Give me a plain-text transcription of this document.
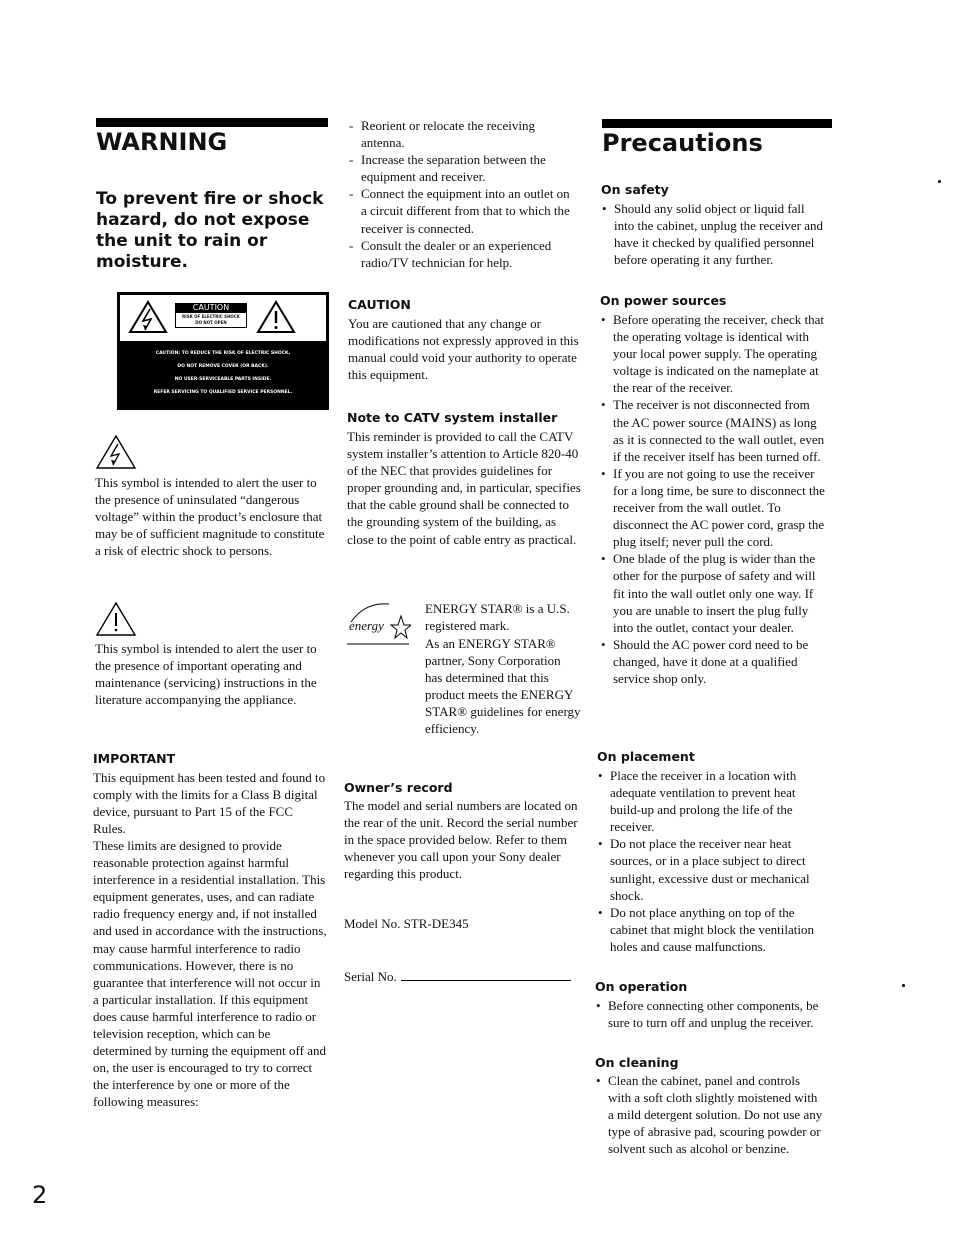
WARNING

To prevent fire or shock hazard, do not expose the unit to rain or moisture.

CAUTION
RISK OF ELECTRIC SHOCK
DO NOT OPEN
CAUTION: TO REDUCE THE RISK OF ELECTRIC SHOCK,
DO NOT REMOVE COVER (OR BACK).
NO USER-SERVICEABLE PARTS INSIDE.
REFER SERVICING TO QUALIFIED SERVICE PERSONNEL.

This symbol is intended to alert the user to the presence of uninsulated “dangerous voltage” within the product’s enclosure that may be of sufficient magnitude to constitute a risk of electric shock to persons.

This symbol is intended to alert the user to the presence of important operating and maintenance (servicing) instructions in the literature accompanying the appliance.

IMPORTANT

This equipment has been tested and found to comply with the limits for a Class B digital device, pursuant to Part 15 of the FCC Rules.

These limits are designed to provide reasonable protection against harmful interference in a residential installation. This equipment generates, uses, and can radiate radio frequency energy and, if not installed and used in accordance with the instructions, may cause harmful interference to radio communications. However, there is no guarantee that interference will not occur in a particular installation. If this equipment does cause harmful interference to radio or television reception, which can be determined by turning the equipment off and on, the user is encouraged to try to correct the interference by one or more of the following measures:

- Reorient or relocate the receiving antenna.
- Increase the separation between the equipment and receiver.
- Connect the equipment into an outlet on a circuit different from that to which the receiver is connected.
- Consult the dealer or an experienced radio/TV technician for help.
CAUTION

You are cautioned that any change or modifications not expressly approved in this manual could void your authority to operate this equipment.

Note to CATV system installer

This reminder is provided to call the CATV system installer’s attention to Article 820-40 of the NEC that provides guidelines for proper grounding and, in particular, specifies that the cable ground shall be connected to the grounding system of the building, as close to the point of cable entry as practical.

energy

ENERGY STAR® is a U.S. registered mark.

As an ENERGY STAR® partner, Sony Corporation has determined that this product meets the ENERGY STAR® guidelines for energy efficiency.

Owner’s record

The model and serial numbers are located on the rear of the unit. Record the serial number in the space provided below. Refer to them whenever you call upon your Sony dealer regarding this product.

Model No. STR-DE345

Serial No.

Precautions
On safety
• Should any solid object or liquid fall into the cabinet, unplug the receiver and have it checked by qualified personnel before operating it any further.
On power sources
• Before operating the receiver, check that the operating voltage is identical with your local power supply. The operating voltage is indicated on the nameplate at the rear of the receiver.
• The receiver is not disconnected from the AC power source (MAINS) as long as it is connected to the wall outlet, even if the receiver itself has been turned off.
• If you are not going to use the receiver for a long time, be sure to disconnect the receiver from the wall outlet. To disconnect the AC power cord, grasp the plug itself; never pull the cord.
• One blade of the plug is wider than the other for the purpose of safety and will fit into the wall outlet only one way. If you are unable to insert the plug fully into the outlet, contact your dealer.
• Should the AC power cord need to be changed, have it done at a qualified service shop only.
On placement
• Place the receiver in a location with adequate ventilation to prevent heat build-up and prolong the life of the receiver.
• Do not place the receiver near heat sources, or in a place subject to direct sunlight, excessive dust or mechanical shock.
• Do not place anything on top of the cabinet that might block the ventilation holes and cause malfunctions.
On operation
• Before connecting other components, be sure to turn off and unplug the receiver.
On cleaning
• Clean the cabinet, panel and controls with a soft cloth slightly moistened with a mild detergent solution. Do not use any type of abrasive pad, scouring powder or solvent such as alcohol or benzine.

2
